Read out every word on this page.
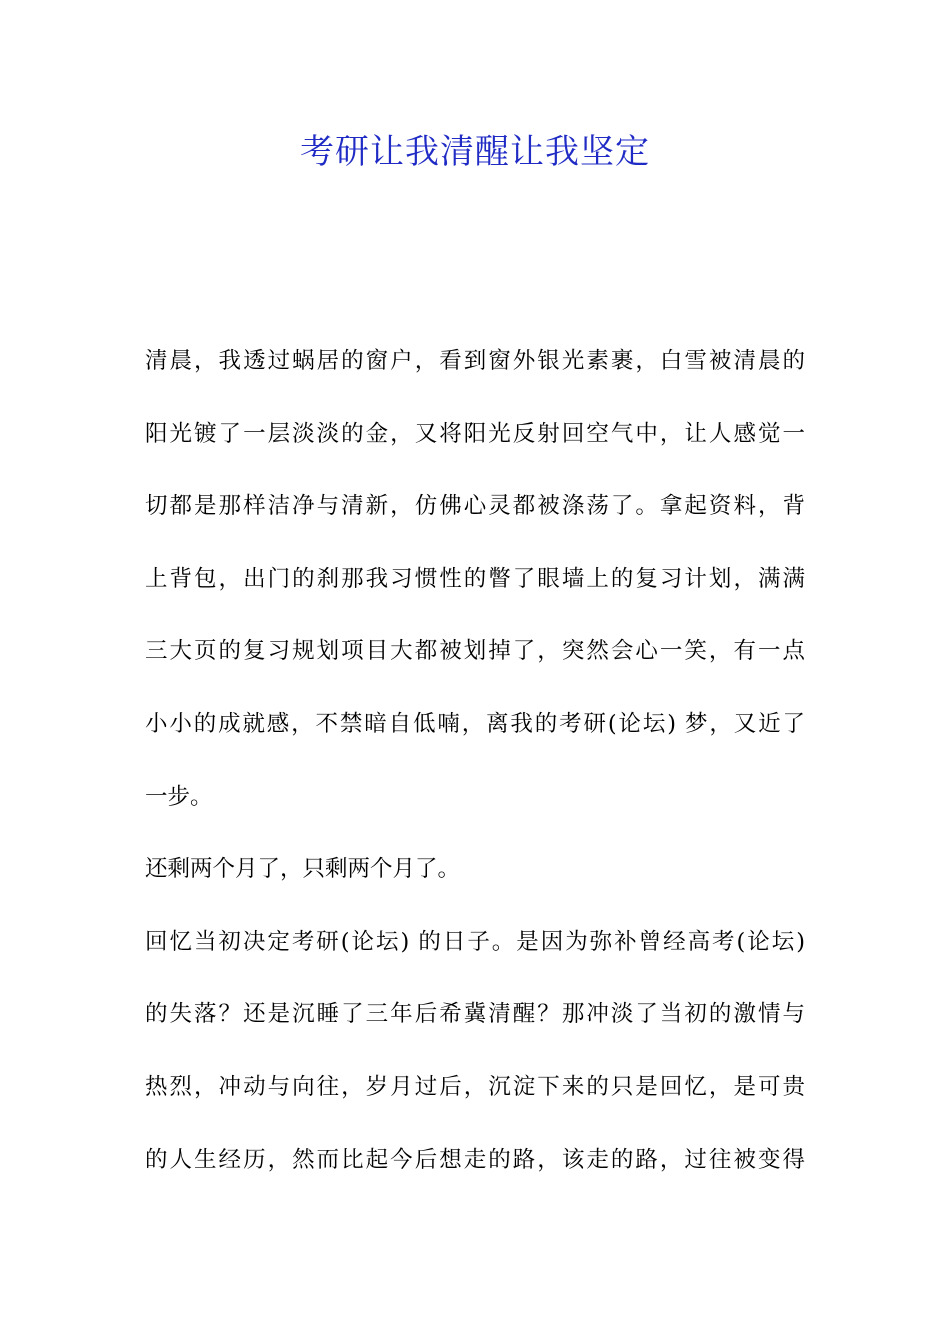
考研让我清醒让我坚定
清晨，我透过蜗居的窗户，看到窗外银光素裹，白雪被清晨的
阳光镀了一层淡淡的金，又将阳光反射回空气中，让人感觉一
切都是那样洁净与清新，仿佛心灵都被涤荡了。拿起资料，背
上背包，出门的刹那我习惯性的瞥了眼墙上的复习计划，满满
三大页的复习规划项目大都被划掉了，突然会心一笑，有一点
小小的成就感，不禁暗自低喃，离我的考研(论坛) 梦，又近了
一步。
还剩两个月了，只剩两个月了。
回忆当初决定考研(论坛) 的日子。是因为弥补曾经高考(论坛)
的失落？还是沉睡了三年后希冀清醒？那冲淡了当初的激情与
热烈，冲动与向往，岁月过后，沉淀下来的只是回忆，是可贵
的人生经历，然而比起今后想走的路，该走的路，过往被变得
